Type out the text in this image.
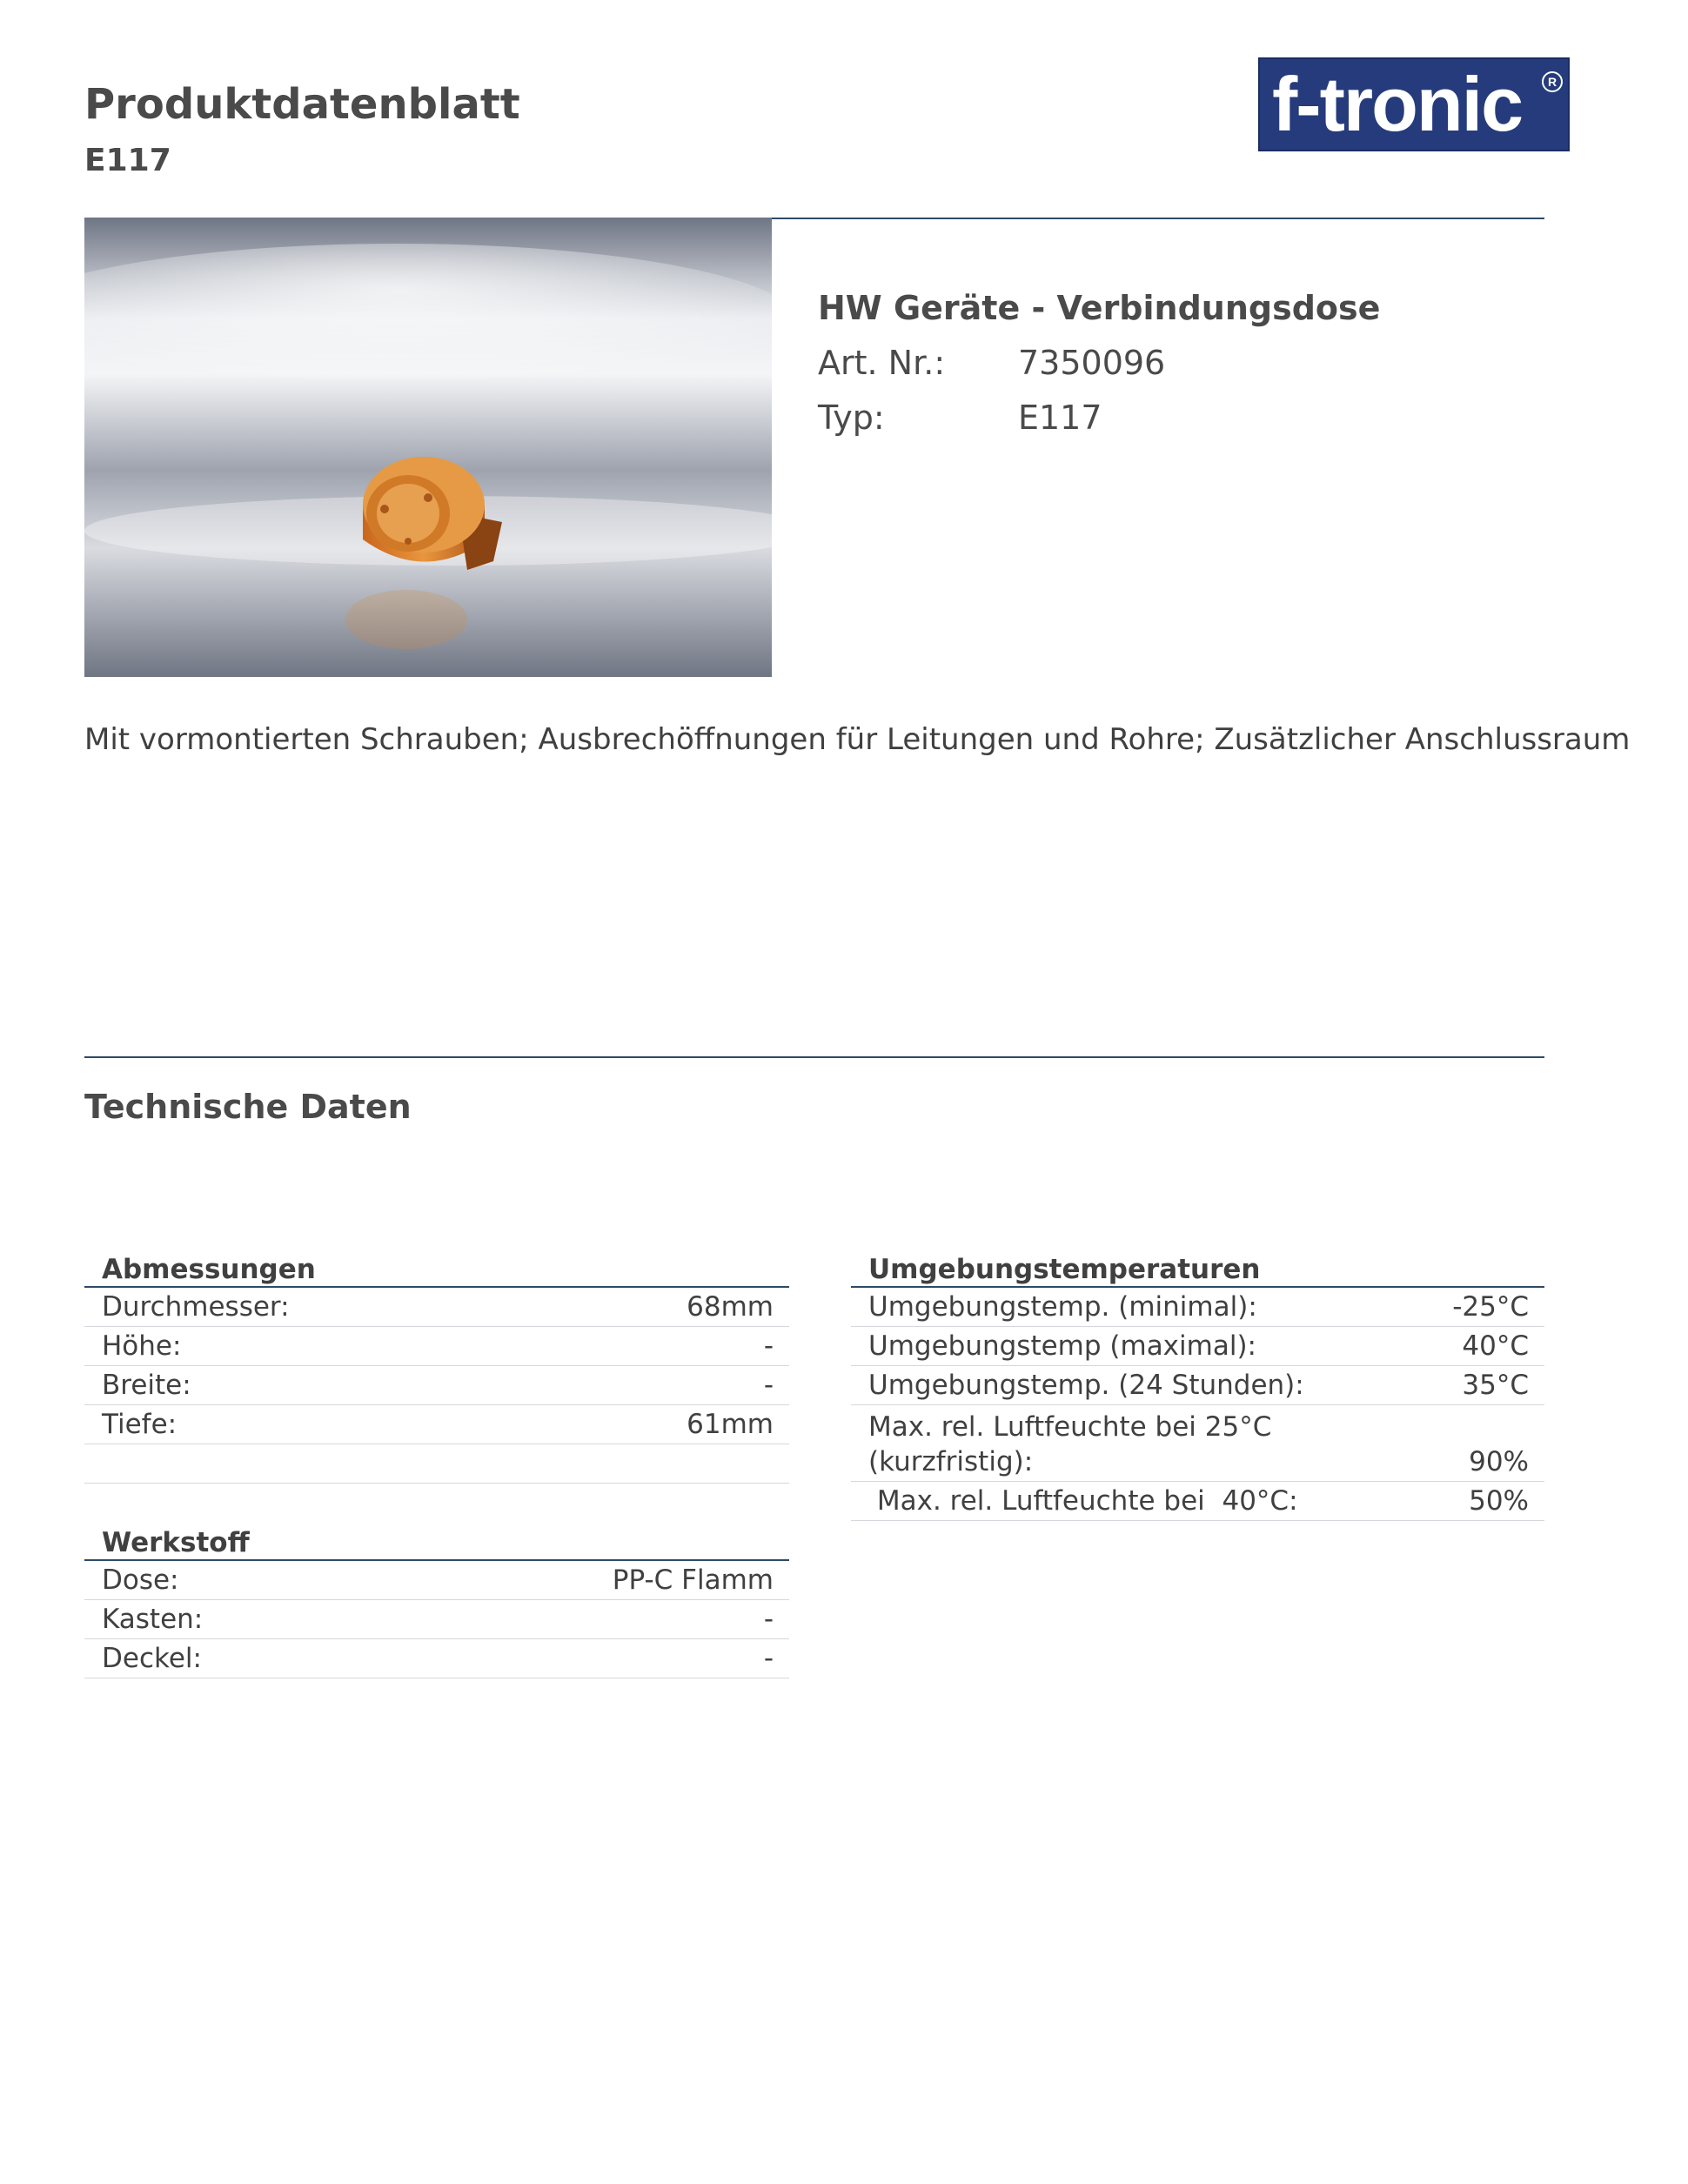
Produktdatenblatt
E117
f-tronic	R
HW Geräte - Verbindungsdose
Art. Nr.: 7350096
Typ:	E117
Mit vormontierten Schrauben; Ausbrechöffnungen für Leitungen und Rohre; Zusätzlicher Anschlussraum
Technische Daten
Abmessungen
Durchmesser:	68mm
Höhe:	-
Breite:	-
Tiefe:	61mm
Werkstoff
Dose:	PP-C Flamm
Kasten:	-
Deckel:	-
Umgebungstemperaturen
Umgebungstemp. (minimal):	-25°C
Umgebungstemp (maximal):	40°C
Umgebungstemp. (24 Stunden):	35°C
Max. rel. Luftfeuchte bei 25°C (kurzfristig):	90%
Max. rel. Luftfeuchte bei  40°C:	50%
